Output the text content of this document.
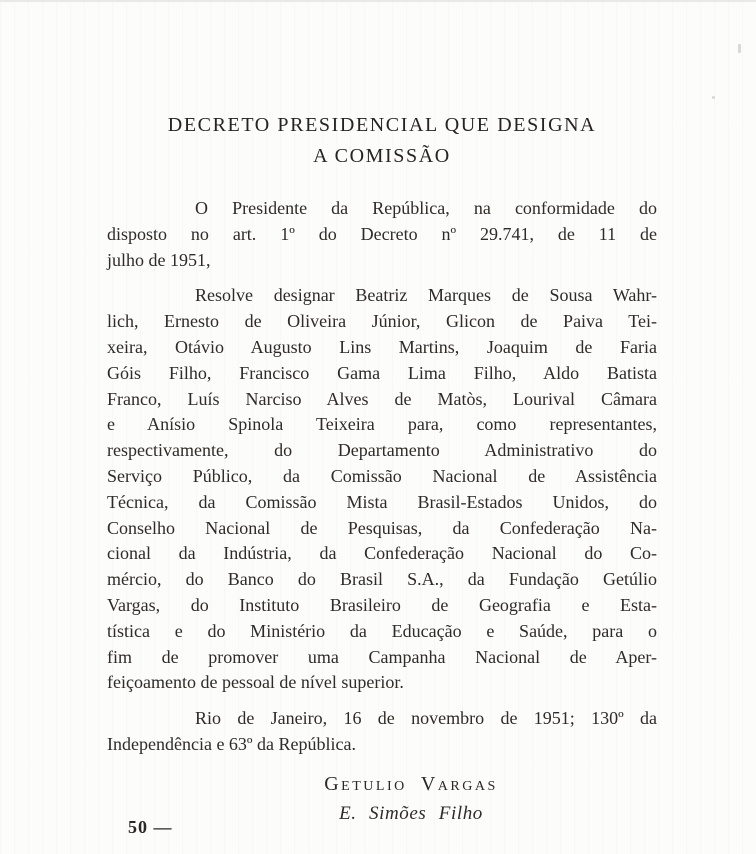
DECRETO PRESIDENCIAL QUE DESIGNA
A COMISSÃO

O Presidente da República, na conformidade do
disposto no art. 1º do Decreto nº 29.741, de 11 de
julho de 1951,

Resolve designar Beatriz Marques de Sousa Wahr-
lich, Ernesto de Oliveira Júnior, Glicon de Paiva Tei-
xeira, Otávio Augusto Lins Martins, Joaquim de Faria
Góis Filho, Francisco Gama Lima Filho, Aldo Batista
Franco, Luís Narciso Alves de Matòs, Lourival Câmara
e Anísio Spinola Teixeira para, como representantes,
respectivamente, do Departamento Administrativo do
Serviço Público, da Comissão Nacional de Assistência
Técnica, da Comissão Mista Brasil-Estados Unidos, do
Conselho Nacional de Pesquisas, da Confederação Na-
cional da Indústria, da Confederação Nacional do Co-
mércio, do Banco do Brasil S.A., da Fundação Getúlio
Vargas, do Instituto Brasileiro de Geografia e Esta-
tística e do Ministério da Educação e Saúde, para o
fim de promover uma Campanha Nacional de Aper-
feiçoamento de pessoal de nível superior.

Rio de Janeiro, 16 de novembro de 1951; 130º da
Independência e 63º da República.

Getulio Vargas
E. Simões Filho
50 —
